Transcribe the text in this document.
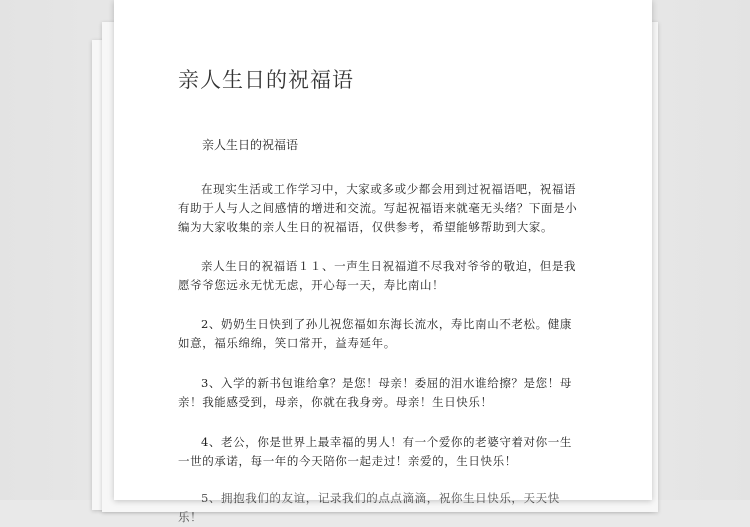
亲人生日的祝福语
亲人生日的祝福语
在现实生活或工作学习中，大家或多或少都会用到过祝福语吧，祝福语有助于人与人之间感情的增进和交流。写起祝福语来就毫无头绪？下面是小编为大家收集的亲人生日的祝福语，仅供参考，希望能够帮助到大家。
亲人生日的祝福语１１、一声生日祝福道不尽我对爷爷的敬迫，但是我愿爷爷您远永无忧无虑，开心每一天，寿比南山！
2、奶奶生日快到了孙儿祝您福如东海长流水，寿比南山不老松。健康如意，福乐绵绵，笑口常开，益寿延年。
3、入学的新书包谁给拿？是您！母亲！委屈的泪水谁给擦？是您！母亲！我能感受到，母亲，你就在我身旁。母亲！生日快乐！
4、老公，你是世界上最幸福的男人！有一个爱你的老婆守着对你一生一世的承诺，每一年的今天陪你一起走过！亲爱的，生日快乐！
5、拥抱我们的友谊，记录我们的点点滴滴，祝你生日快乐，天天快乐！
